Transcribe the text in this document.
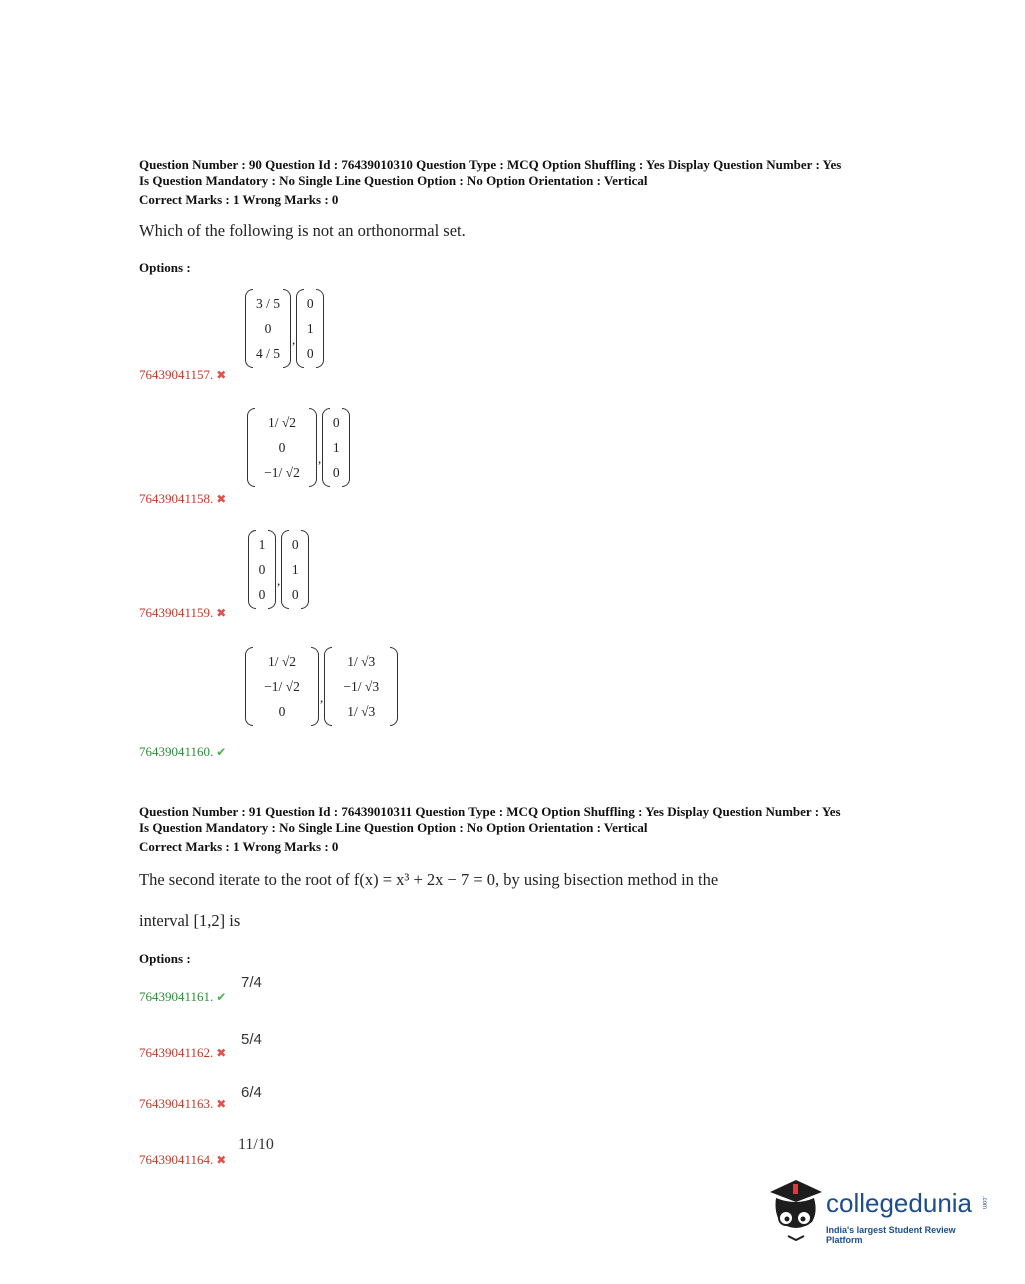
Question Number : 90 Question Id : 76439010310 Question Type : MCQ Option Shuffling : Yes Display Question Number : Yes
Is Question Mandatory : No Single Line Question Option : No Option Orientation : Vertical
Correct Marks : 1 Wrong Marks : 0
Which of the following is not an orthonormal set.
Options :
3 / 5
0
4 / 5
,
0
1
0
76439041157. ✖
1/ √2
0
−1/ √2
,
0
1
0
76439041158. ✖
1
0
0
,
0
1
0
76439041159. ✖
1/ √2
−1/ √2
0
,
1/ √3
−1/ √3
1/ √3
76439041160. ✔
Question Number : 91 Question Id : 76439010311 Question Type : MCQ Option Shuffling : Yes Display Question Number : Yes
Is Question Mandatory : No Single Line Question Option : No Option Orientation : Vertical
Correct Marks : 1 Wrong Marks : 0
The second iterate to the root of f(x) = x³ + 2x − 7 = 0, by using bisection method in the
interval [1,2] is
Options :
7/4
76439041161. ✔
5/4
76439041162. ✖
6/4
76439041163. ✖
11/10
76439041164. ✖
collegedunia .com
India's largest Student Review Platform
